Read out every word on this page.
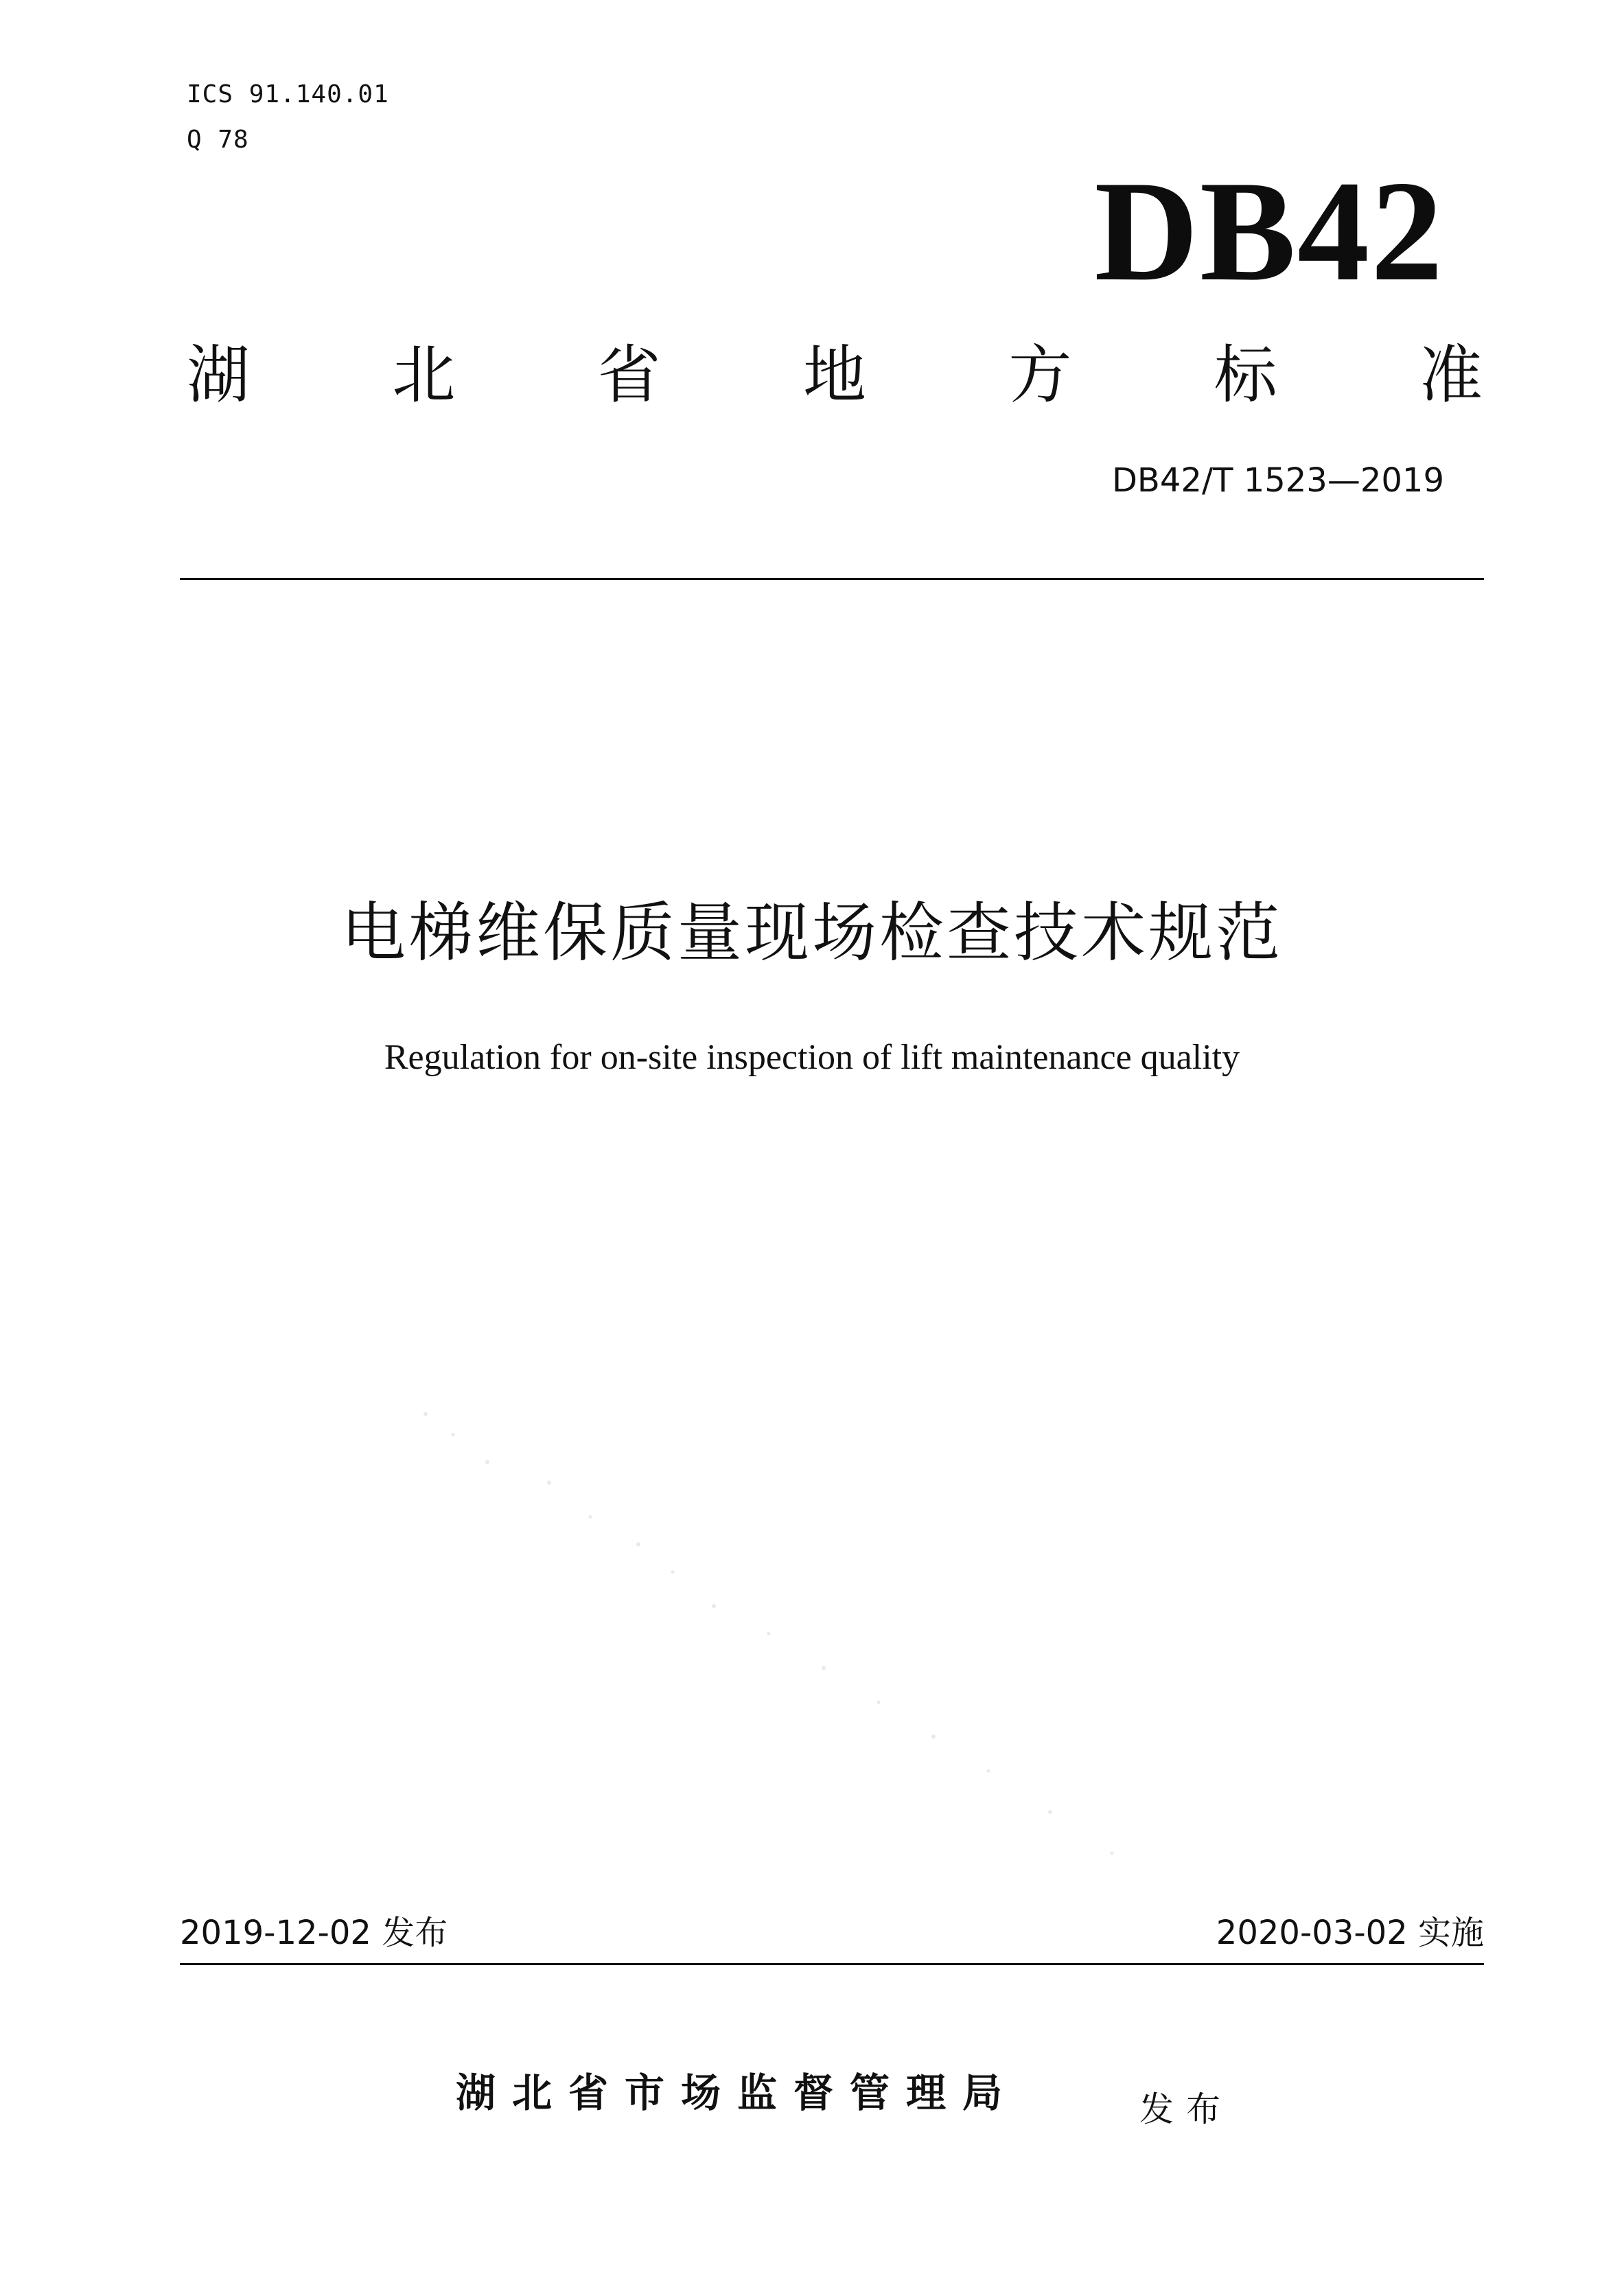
ICS 91.140.01
Q 78
DB42
湖 北 省 地 方 标 准
DB42/T 1523—2019
电梯维保质量现场检查技术规范
Regulation for on-site inspection of lift maintenance quality
2019-12-02 发布	2020-03-02 实施
湖北省市场监督管理局	发布
